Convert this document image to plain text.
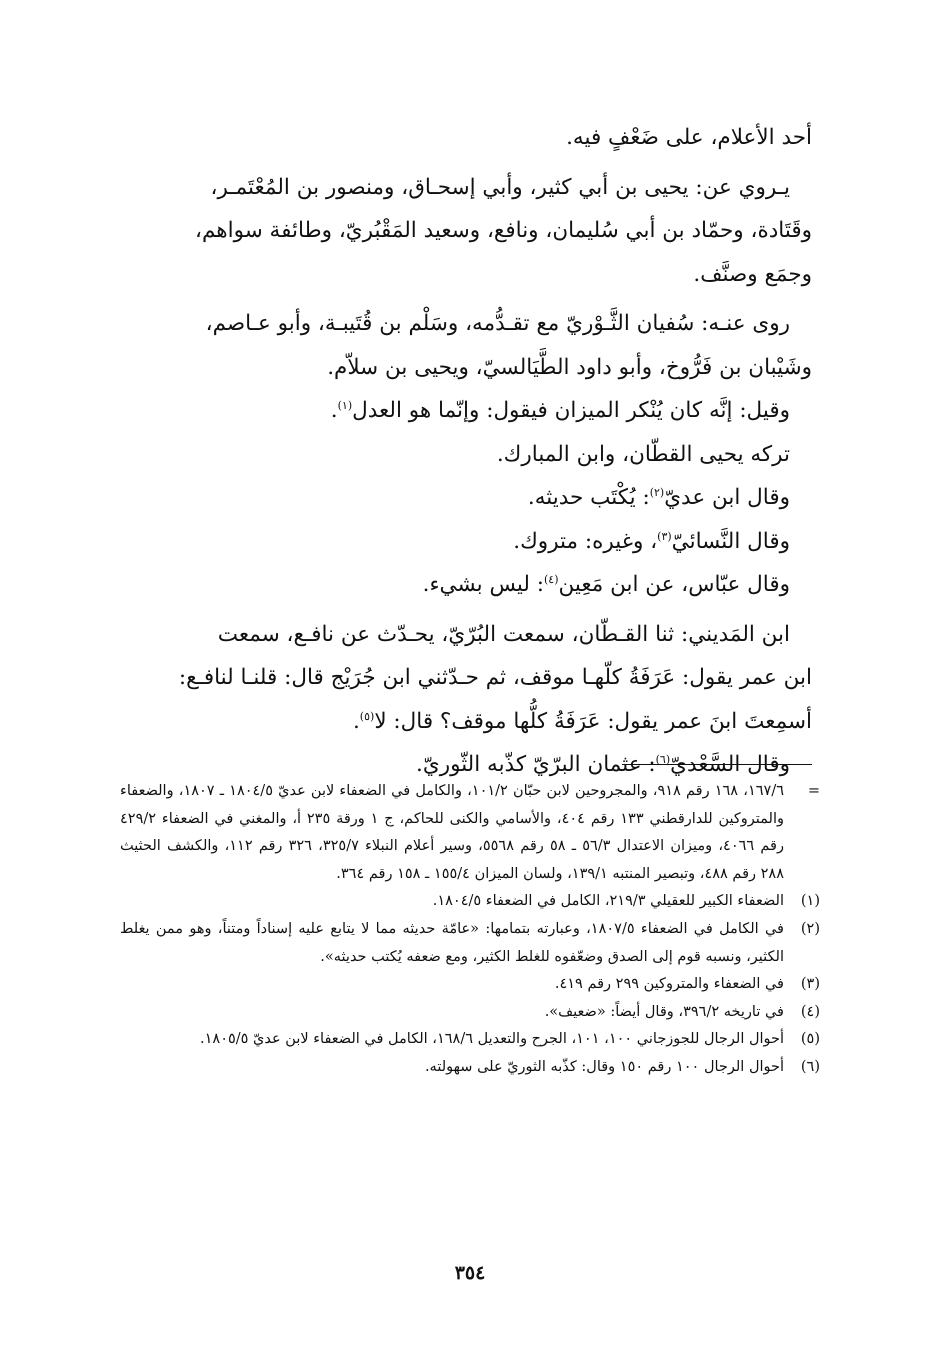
أحد الأعلام، على ضَعْفٍ فيه.

يـروي عن: يحيى بن أبي كثير، وأبي إسحـاق، ومنصور بن المُعْتَمـر،

وقَتَادة، وحمّاد بن أبي سُليمان، ونافع، وسعيد المَقْبُريّ، وطائفة سواهم،

وجمَع وصنَّف.

روى عنـه: سُفيان الثَّـوْريّ مع تقـدُّمه، وسَلْم بن قُتَيبـة، وأبو عـاصم،

وشَيْبان بن فَرُّوخ، وأبو داود الطَّيَالسيّ، ويحيى بن سلاّم.

وقيل: إنَّه كان يُنْكر الميزان فيقول: وإنّما هو العدل$^{(١)}$.

تركه يحيى القطّان، وابن المبارك.

وقال ابن عديّ$^{(٢)}$: يُكْتَب حديثه.

وقال النَّسائيّ$^{(٣)}$، وغيره: متروك.

وقال عبّاس، عن ابن مَعِين$^{(٤)}$: ليس بشيء.

ابن المَديني: ثنا القـطّان، سمعت البُرّيّ، يحـدّث عن نافـع، سمعت

ابن عمر يقول: عَرَفَةُ كلّهـا موقف، ثم حـدّثني ابن جُرَيْج قال: قلنـا لنافـع:

أسمِعتَ ابنَ عمر يقول: عَرَفَةُ كلُّها موقف؟ قال: لا$^{(٥)}$.

وقال السَّعْديّ$^{(٦)}$: عثمان البرّيّ كذّبه الثّوريّ.

=
١٦٧/٦، ١٦٨ رقم ٩١٨، والمجروحين لابن حبّان ١٠١/٢، والكامل في الضعفاء لابن عديّ ١٨٠٤/٥ ـ ١٨٠٧، والضعفاء والمتروكين للدارقطني ١٣٣ رقم ٤٠٤، والأسامي والكنى للحاكم، ج ١ ورقة ٢٣٥ أ، والمغني في الضعفاء ٤٢٩/٢ رقم ٤٠٦٦، وميزان الاعتدال ٥٦/٣ ـ ٥٨ رقم ٥٥٦٨، وسير أعلام النبلاء ٣٢٥/٧، ٣٢٦ رقم ١١٢، والكشف الحثيث ٢٨٨ رقم ٤٨٨، وتبصير المنتبه ١٣٩/١، ولسان الميزان ١٥٥/٤ ـ ١٥٨ رقم ٣٦٤.
(١)
الضعفاء الكبير للعقيلي ٢١٩/٣، الكامل في الضعفاء ١٨٠٤/٥.
(٢)
في الكامل في الضعفاء ١٨٠٧/٥، وعبارته بتمامها: «عامّة حديثه مما لا يتابع عليه إسناداً ومتناً، وهو ممن يغلط الكثير، ونسبه قوم إلى الصدق وضعّفوه للغلط الكثير، ومع ضعفه يُكتب حديثه».
(٣)
في الضعفاء والمتروكين ٢٩٩ رقم ٤١٩.
(٤)
في تاريخه ٣٩٦/٢، وقال أيضاً: «ضعيف».
(٥)
أحوال الرجال للجوزجاني ١٠٠، ١٠١، الجرح والتعديل ١٦٨/٦، الكامل في الضعفاء لابن عديّ ١٨٠٥/٥.
(٦)
أحوال الرجال ١٠٠ رقم ١٥٠ وقال: كذّبه الثوريّ على سهولته.
٣٥٤
